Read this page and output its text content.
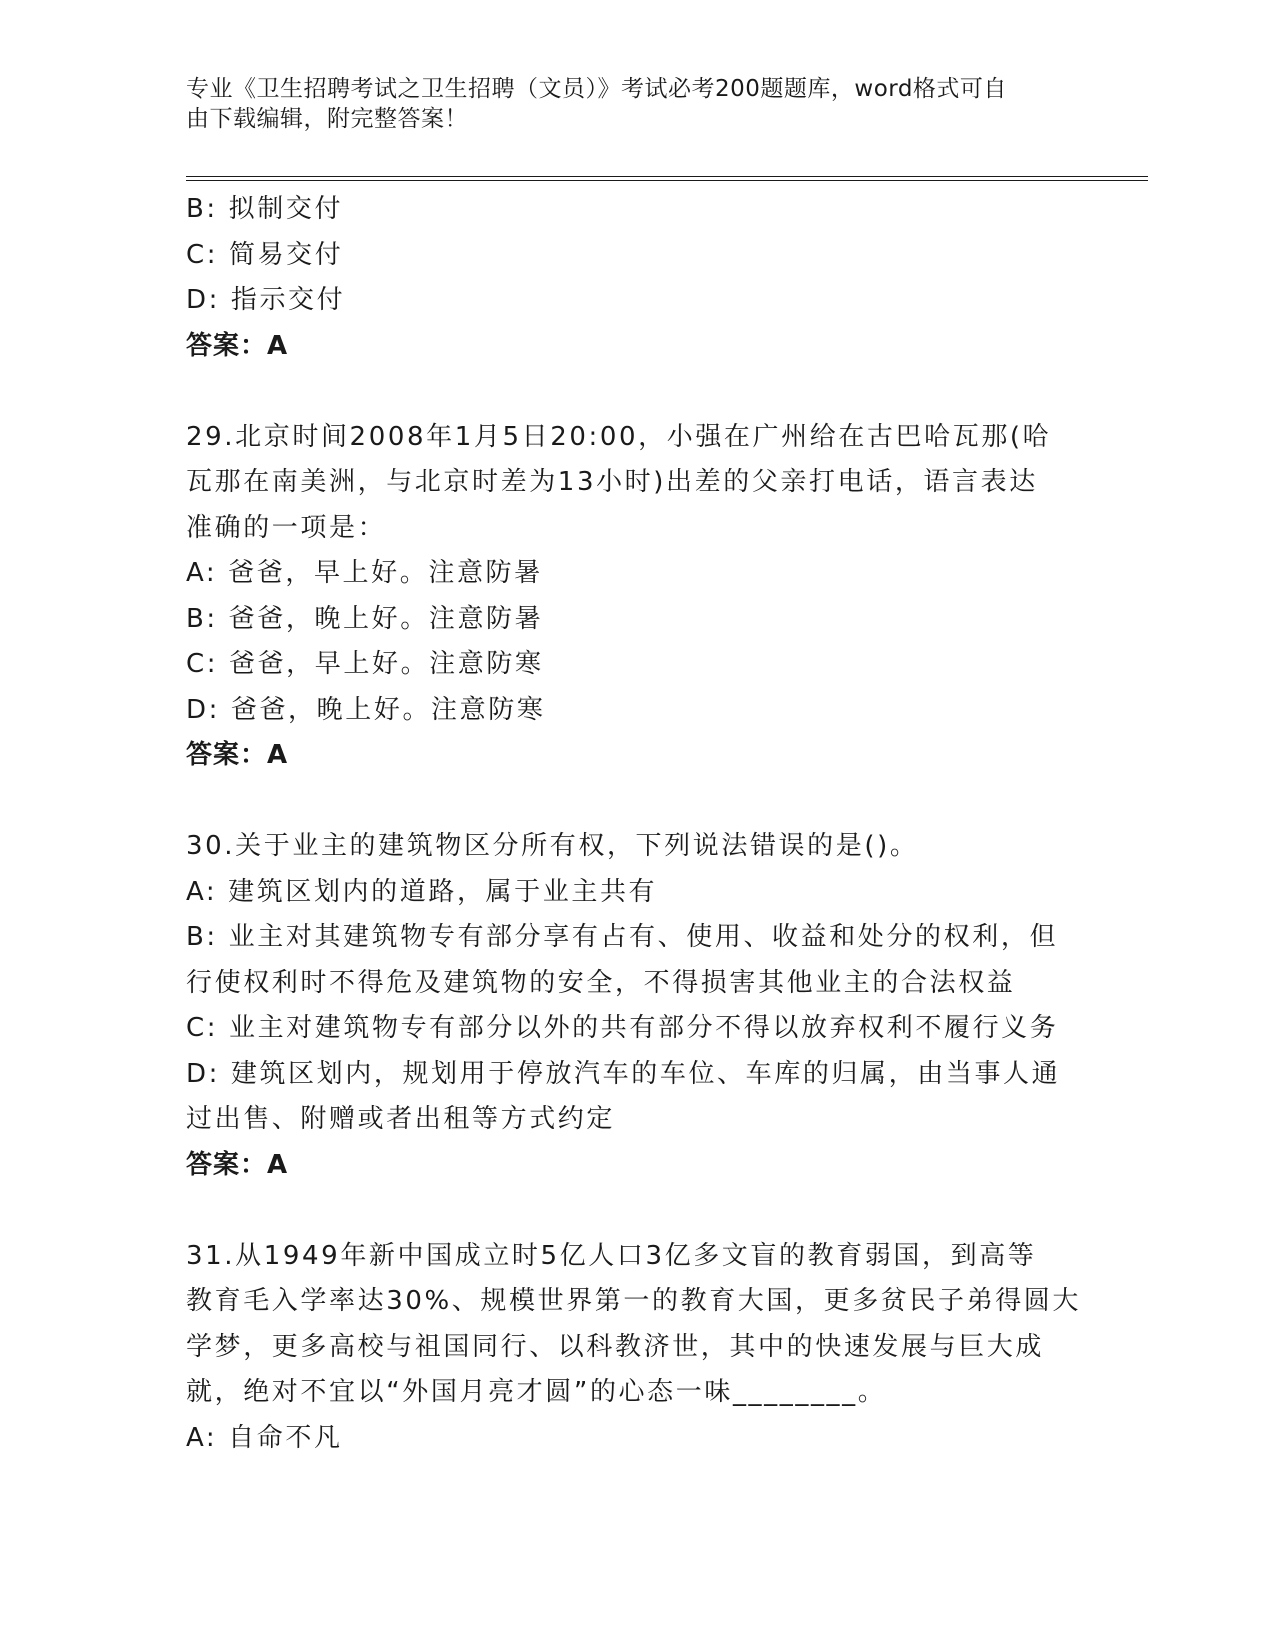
专业《卫生招聘考试之卫生招聘（文员）》考试必考200题题库，word格式可自
由下载编辑，附完整答案！
B: 拟制交付
C: 简易交付
D: 指示交付
答案：A
29.北京时间2008年1月5日20:00，小强在广州给在古巴哈瓦那(哈
瓦那在南美洲，与北京时差为13小时)出差的父亲打电话，语言表达
准确的一项是：
A: 爸爸，早上好。注意防暑
B: 爸爸，晚上好。注意防暑
C: 爸爸，早上好。注意防寒
D: 爸爸，晚上好。注意防寒
答案：A
30.关于业主的建筑物区分所有权，下列说法错误的是()。
A: 建筑区划内的道路，属于业主共有
B: 业主对其建筑物专有部分享有占有、使用、收益和处分的权利，但
行使权利时不得危及建筑物的安全，不得损害其他业主的合法权益
C: 业主对建筑物专有部分以外的共有部分不得以放弃权利不履行义务
D: 建筑区划内，规划用于停放汽车的车位、车库的归属，由当事人通
过出售、附赠或者出租等方式约定
答案：A
31.从1949年新中国成立时5亿人口3亿多文盲的教育弱国，到高等
教育毛入学率达30%、规模世界第一的教育大国，更多贫民子弟得圆大
学梦，更多高校与祖国同行、以科教济世，其中的快速发展与巨大成
就，绝对不宜以“外国月亮才圆”的心态一味________。
A: 自命不凡
